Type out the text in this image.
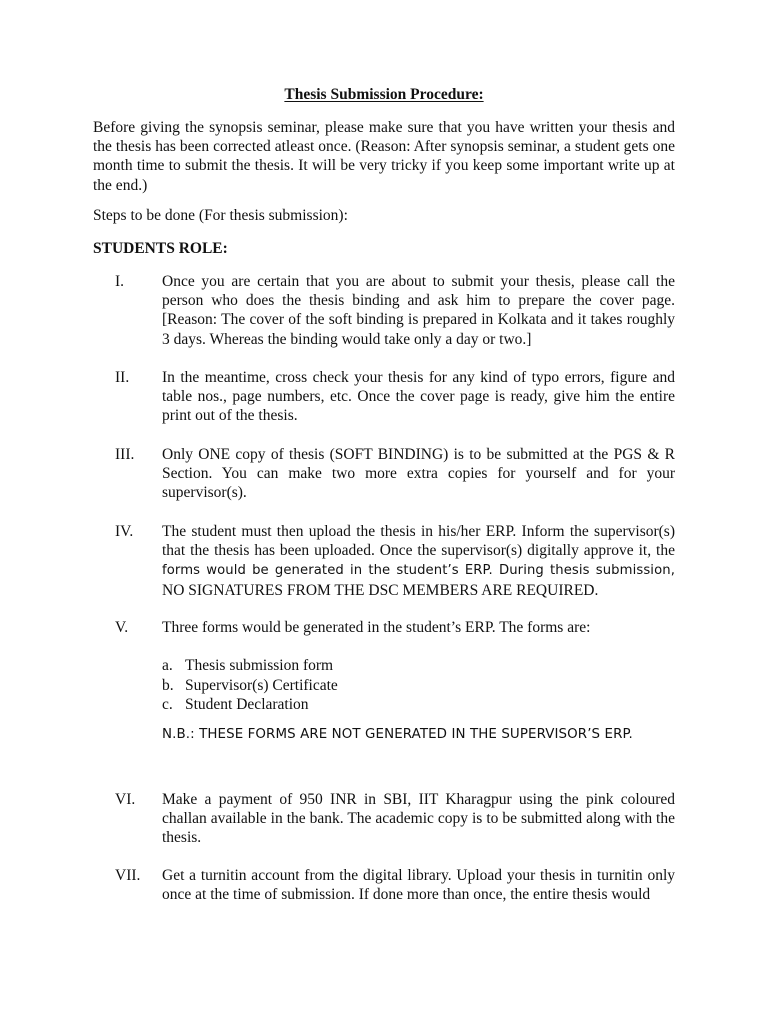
Thesis Submission Procedure:

Before giving the synopsis seminar, please make sure that you have written your thesis and the thesis has been corrected atleast once. (Reason: After synopsis seminar, a student gets one month time to submit the thesis. It will be very tricky if you keep some important write up at the end.)

Steps to be done (For thesis submission):

STUDENTS ROLE:

I. Once you are certain that you are about to submit your thesis, please call the person who does the thesis binding and ask him to prepare the cover page. [Reason: The cover of the soft binding is prepared in Kolkata and it takes roughly 3 days. Whereas the binding would take only a day or two.]

II. In the meantime, cross check your thesis for any kind of typo errors, figure and table nos., page numbers, etc. Once the cover page is ready, give him the entire print out of the thesis.

III. Only ONE copy of thesis (SOFT BINDING) is to be submitted at the PGS & R Section. You can make two more extra copies for yourself and for your supervisor(s).

IV. The student must then upload the thesis in his/her ERP. Inform the supervisor(s) that the thesis has been uploaded. Once the supervisor(s) digitally approve it, the forms would be generated in the student’s ERP. During thesis submission, NO SIGNATURES FROM THE DSC MEMBERS ARE REQUIRED.

V. Three forms would be generated in the student’s ERP. The forms are:

a. Thesis submission form
b. Supervisor(s) Certificate
c. Student Declaration

N.B.: THESE FORMS ARE NOT GENERATED IN THE SUPERVISOR’S ERP.

VI. Make a payment of 950 INR in SBI, IIT Kharagpur using the pink coloured challan available in the bank. The academic copy is to be submitted along with the thesis.

VII. Get a turnitin account from the digital library. Upload your thesis in turnitin only once at the time of submission. If done more than once, the entire thesis would
